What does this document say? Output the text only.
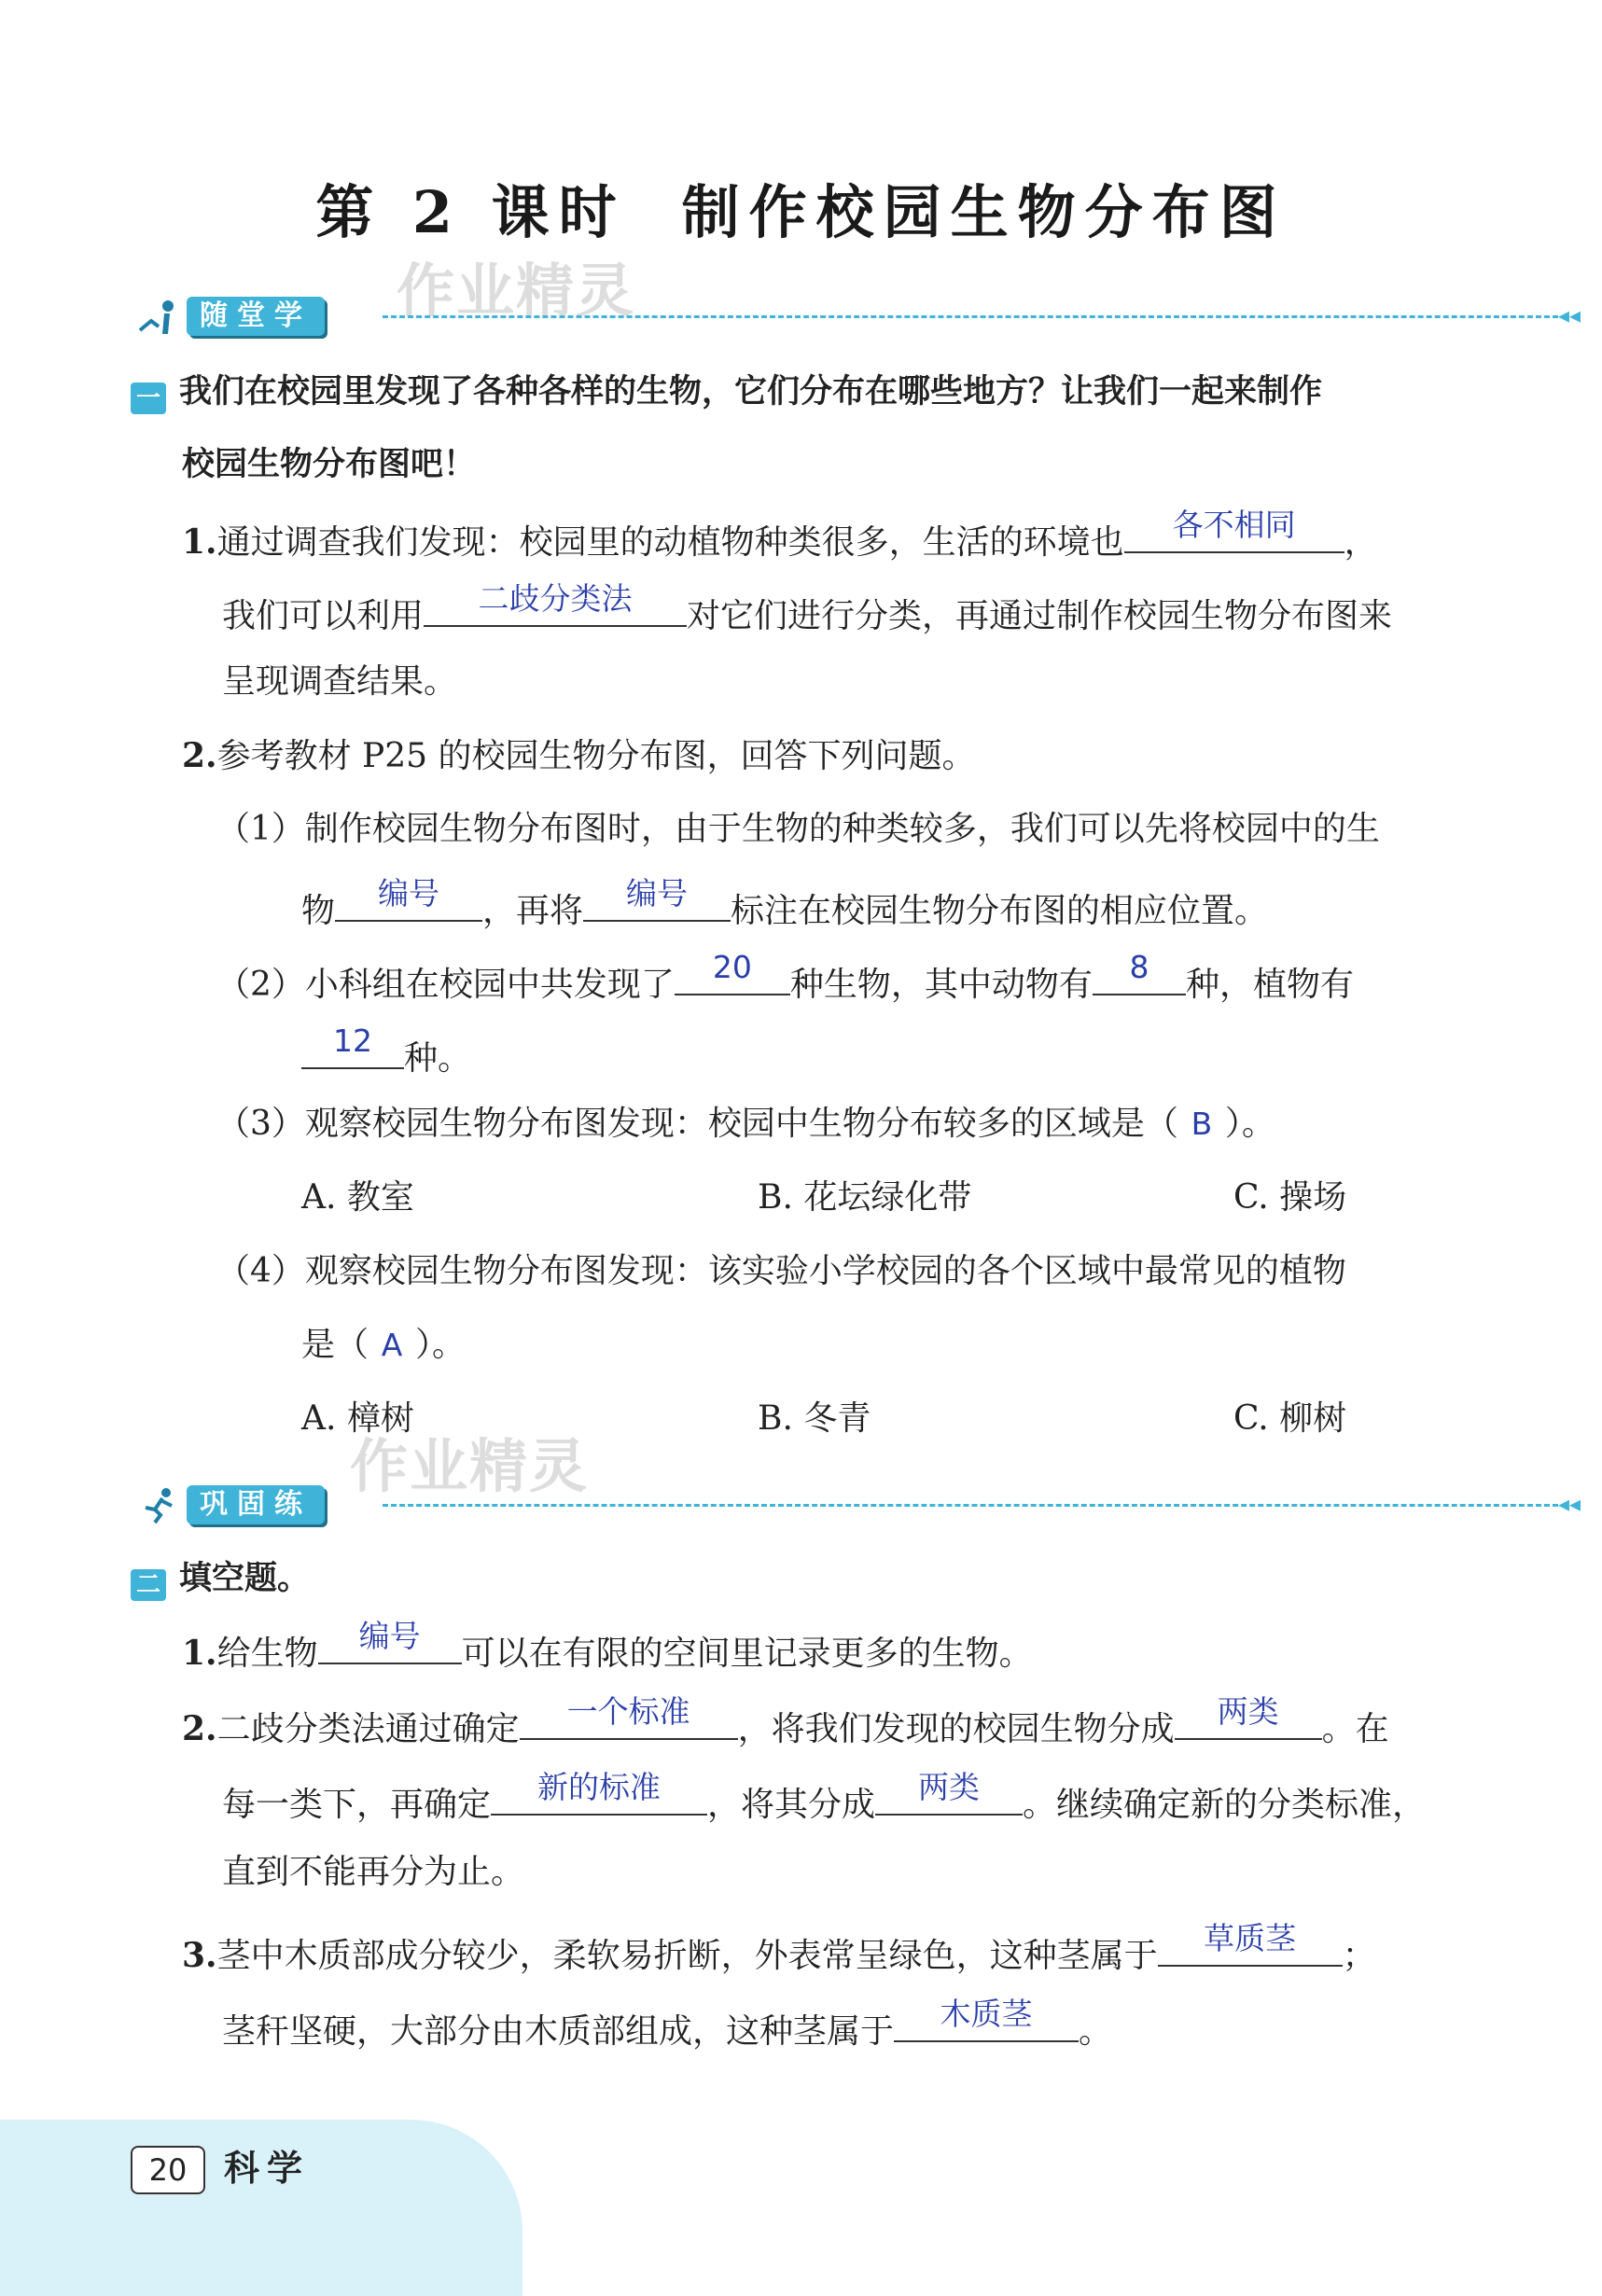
第 2 课时 制作校园生物分布图
作业精灵
随堂学	◂◂
一 我们在校园里发现了各种各样的生物，它们分布在哪些地方？让我们一起来制作
校园生物分布图吧！
1.通过调查我们发现：校园里的动植物种类很多，生活的环境也	各不相同	，
我们可以利用	二歧分类法	对它们进行分类，再通过制作校园生物分布图来
呈现调查结果。
2.参考教材 P25 的校园生物分布图，回答下列问题。
（1）制作校园生物分布图时，由于生物的种类较多，我们可以先将校园中的生
物	编号	，再将	编号	标注在校园生物分布图的相应位置。
（2）小科组在校园中共发现了	20	种生物，其中动物有	8	种，植物有
12 种。
（3）观察校园生物分布图发现：校园中生物分布较多的区域是（ B ）。
A. 教室	B. 花坛绿化带	C. 操场
（4）观察校园生物分布图发现：该实验小学校园的各个区域中最常见的植物
是（ A ）。
A. 樟树	B. 冬青	C. 柳树
作业精灵
巩固练	◂◂
二 填空题。
1.给生物	编号	可以在有限的空间里记录更多的生物。
2.二歧分类法通过确定	一个标准	，将我们发现的校园生物分成	两类	。在
每一类下，再确定	新的标准	，将其分成	两类	。继续确定新的分类标准，
直到不能再分为止。
3.茎中木质部成分较少，柔软易折断，外表常呈绿色，这种茎属于	草质茎	；
茎秆坚硬，大部分由木质部组成，这种茎属于	木质茎	。
20	科学
